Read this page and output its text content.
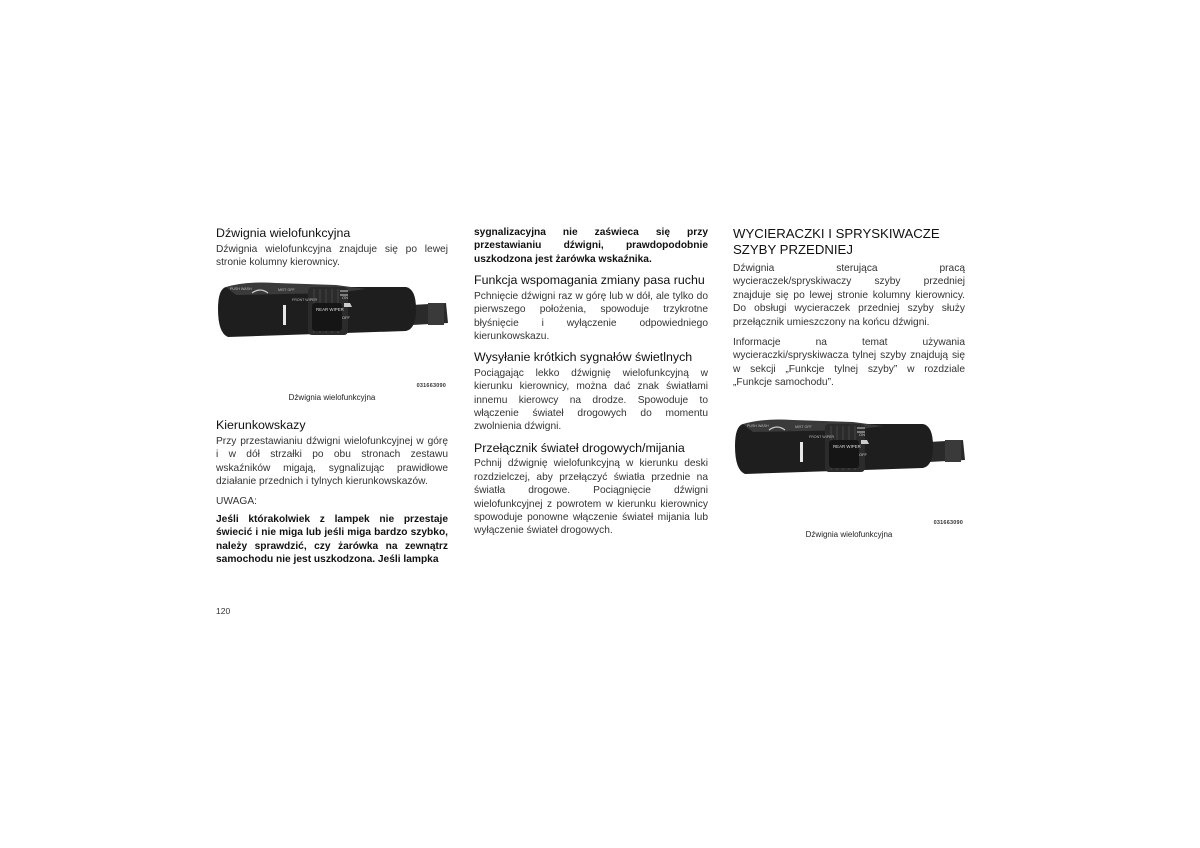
Dźwignia wielofunkcyjna

Dźwignia wielofunkcyjna znajduje się po lewej stronie kolumny kierownicy.

PUSH WASH	MIST OFF
FRONT WIPER
REAR WIPER
ON
OFF
031663090
Dźwignia wielofunkcyjna
Kierunkowskazy

Przy przestawianiu dźwigni wielofunkcyjnej w górę i w dół strzałki po obu stronach zestawu wskaźników migają, sygnalizując prawidłowe działanie przednich i tylnych kierunkowskazów.

UWAGA:

Jeśli którakolwiek z lampek nie przestaje świecić i nie miga lub jeśli miga bardzo szybko, należy sprawdzić, czy żarówka na zewnątrz samochodu nie jest uszkodzona. Jeśli lampka

sygnalizacyjna nie zaświeca się przy przestawianiu dźwigni, prawdopodobnie uszkodzona jest żarówka wskaźnika.

Funkcja wspomagania zmiany pasa ruchu

Pchnięcie dźwigni raz w górę lub w dół, ale tylko do pierwszego położenia, spowoduje trzykrotne błyśnięcie i wyłączenie odpowiedniego kierunkowskazu.

Wysyłanie krótkich sygnałów świetlnych

Pociągając lekko dźwignię wielofunkcyjną w kierunku kierownicy, można dać znak światłami innemu kierowcy na drodze. Spowoduje to włączenie świateł drogowych do momentu zwolnienia dźwigni.

Przełącznik świateł drogowych/mijania

Pchnij dźwignię wielofunkcyjną w kierunku deski rozdzielczej, aby przełączyć światła przednie na światła drogowe. Pociągnięcie dźwigni wielofunkcyjnej z powrotem w kierunku kierownicy spowoduje ponowne włączenie świateł mijania lub wyłączenie świateł drogowych.

WYCIERACZKI I SPRYSKIWACZE SZYBY PRZEDNIEJ

Dźwignia sterująca pracą wycieraczek/spryskiwaczy szyby przedniej znajduje się po lewej stronie kolumny kierownicy. Do obsługi wycieraczek przedniej szyby służy przełącznik umieszczony na końcu dźwigni.

Informacje na temat używania wycieraczki/spryskiwacza tylnej szyby znajdują się w sekcji „Funkcje tylnej szyby” w rozdziale „Funkcje samochodu”.

PUSH WASH	MIST OFF
FRONT WIPER
REAR WIPER
ON
OFF
031663090
Dźwignia wielofunkcyjna
120
